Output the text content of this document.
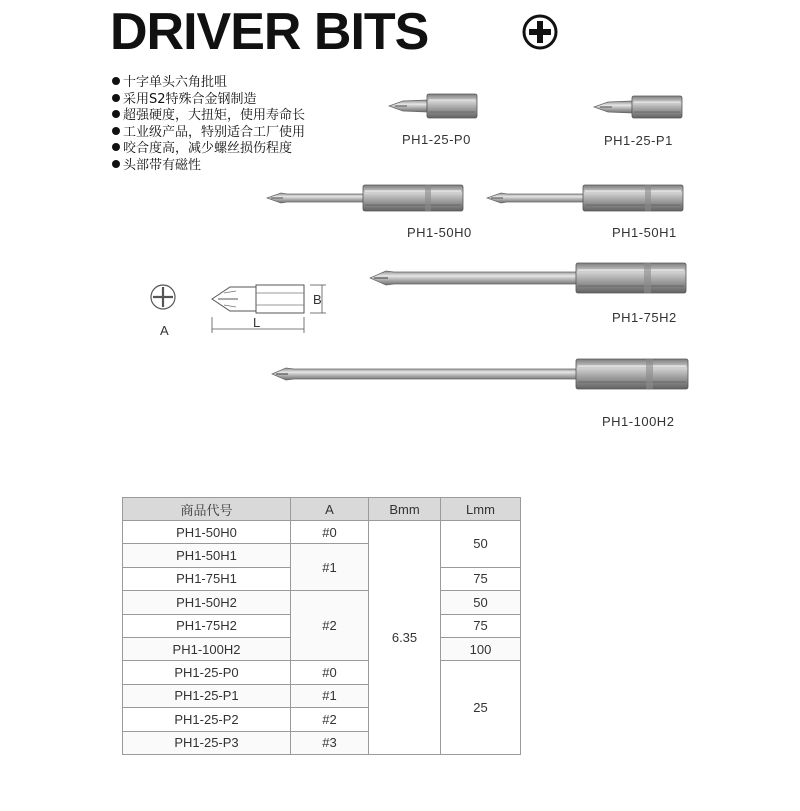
DRIVER BITS
十字单头六角批咀
采用S2特殊合金钢制造
超强硬度，大扭矩，使用寿命长
工业级产品，特别适合工厂使用
咬合度高，减少螺丝损伤程度
头部带有磁性
PH1-25-P0	PH1-25-P1
PH1-50H0	PH1-50H1
PH1-75H2
PH1-100H2
A
B
L
商品代号	A	Bmm	Lmm
PH1-50H0	#0	6.35	50
PH1-50H1	#1		
PH1-75H1			75
PH1-50H2	#2		50
PH1-75H2			75
PH1-100H2			100
PH1-25-P0	#0		25
PH1-25-P1	#1		
PH1-25-P2	#2		
PH1-25-P3	#3		
